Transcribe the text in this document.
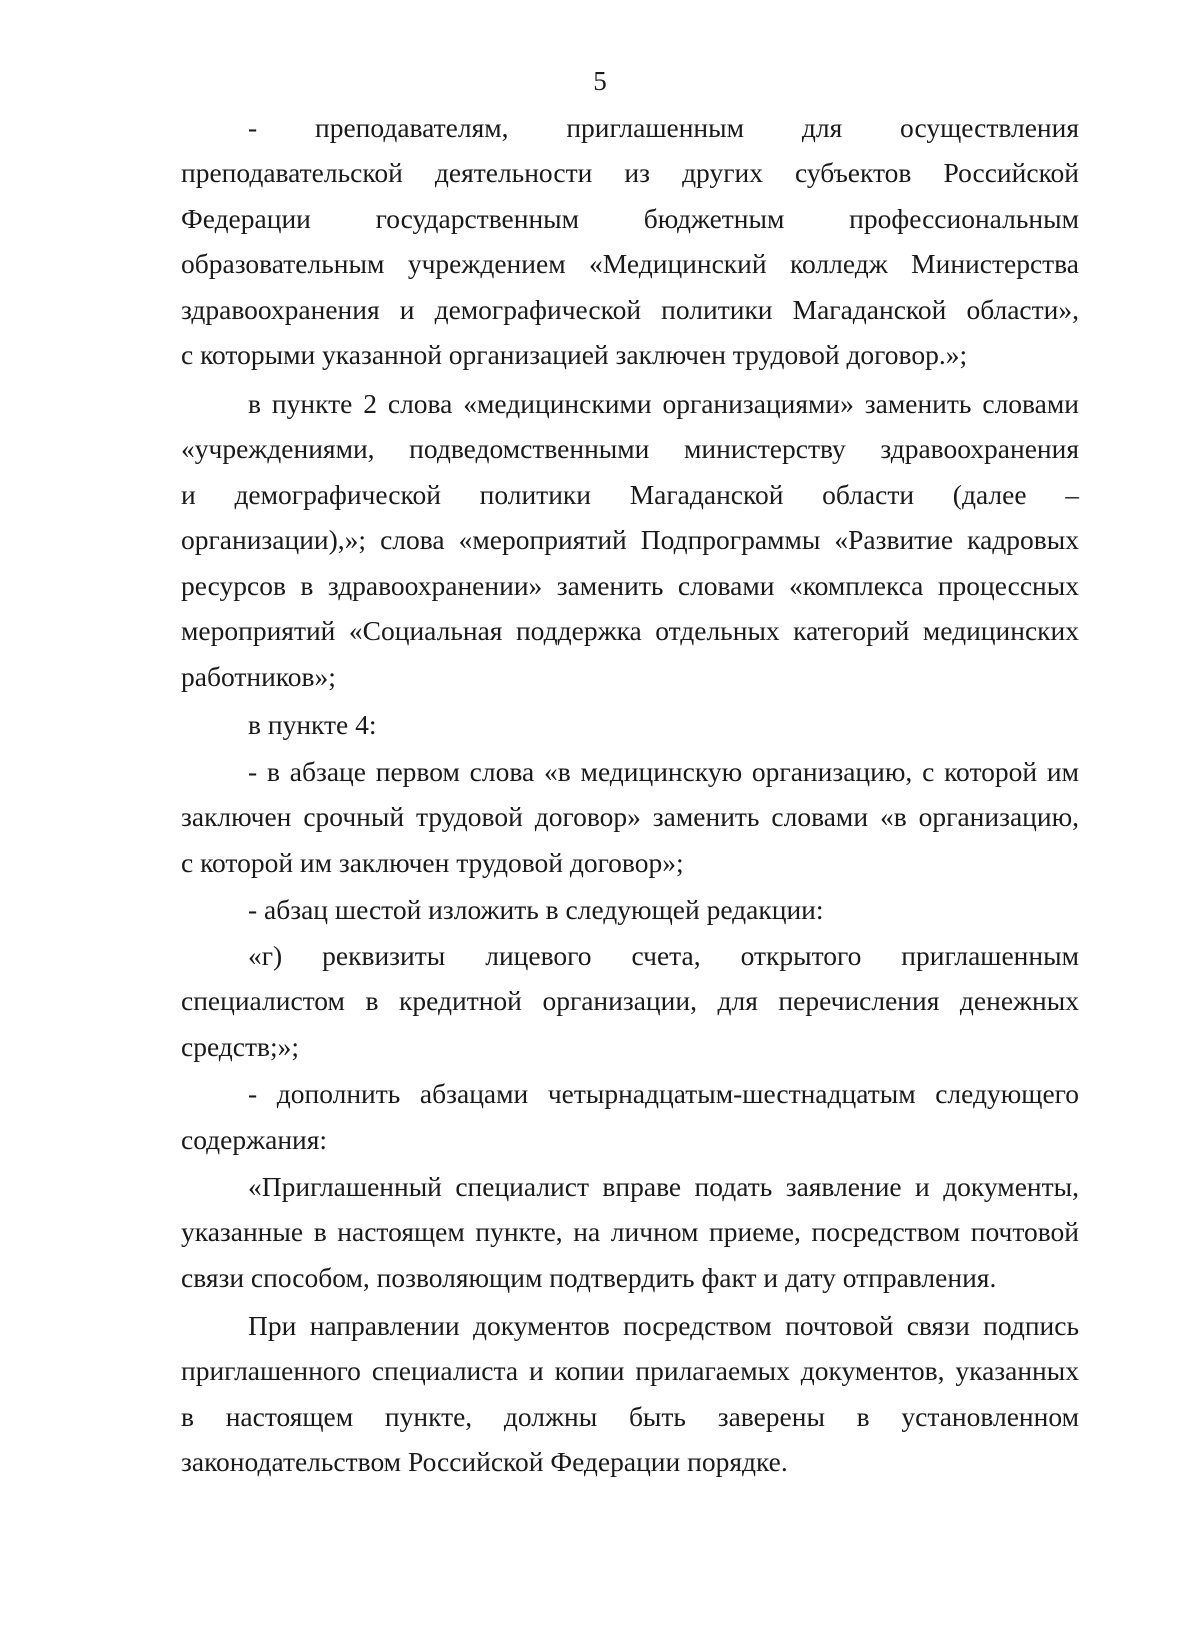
5
- преподавателям, приглашенным для осуществления
преподавательской деятельности из других субъектов Российской
Федерации государственным бюджетным профессиональным
образовательным учреждением «Медицинский колледж Министерства
здравоохранения и демографической политики Магаданской области»,
с которыми указанной организацией заключен трудовой договор.»;
в пункте 2 слова «медицинскими организациями» заменить словами
«учреждениями, подведомственными министерству здравоохранения
и демографической политики Магаданской области (далее –
организации),»; слова «мероприятий Подпрограммы «Развитие кадровых
ресурсов в здравоохранении» заменить словами «комплекса процессных
мероприятий «Социальная поддержка отдельных категорий медицинских
работников»;
в пункте 4:
- в абзаце первом слова «в медицинскую организацию, с которой им
заключен срочный трудовой договор» заменить словами «в организацию,
с которой им заключен трудовой договор»;
- абзац шестой изложить в следующей редакции:
«г) реквизиты лицевого счета, открытого приглашенным
специалистом в кредитной организации, для перечисления денежных
средств;»;
- дополнить абзацами четырнадцатым-шестнадцатым следующего
содержания:
«Приглашенный специалист вправе подать заявление и документы,
указанные в настоящем пункте, на личном приеме, посредством почтовой
связи способом, позволяющим подтвердить факт и дату отправления.
При направлении документов посредством почтовой связи подпись
приглашенного специалиста и копии прилагаемых документов, указанных
в настоящем пункте, должны быть заверены в установленном
законодательством Российской Федерации порядке.
